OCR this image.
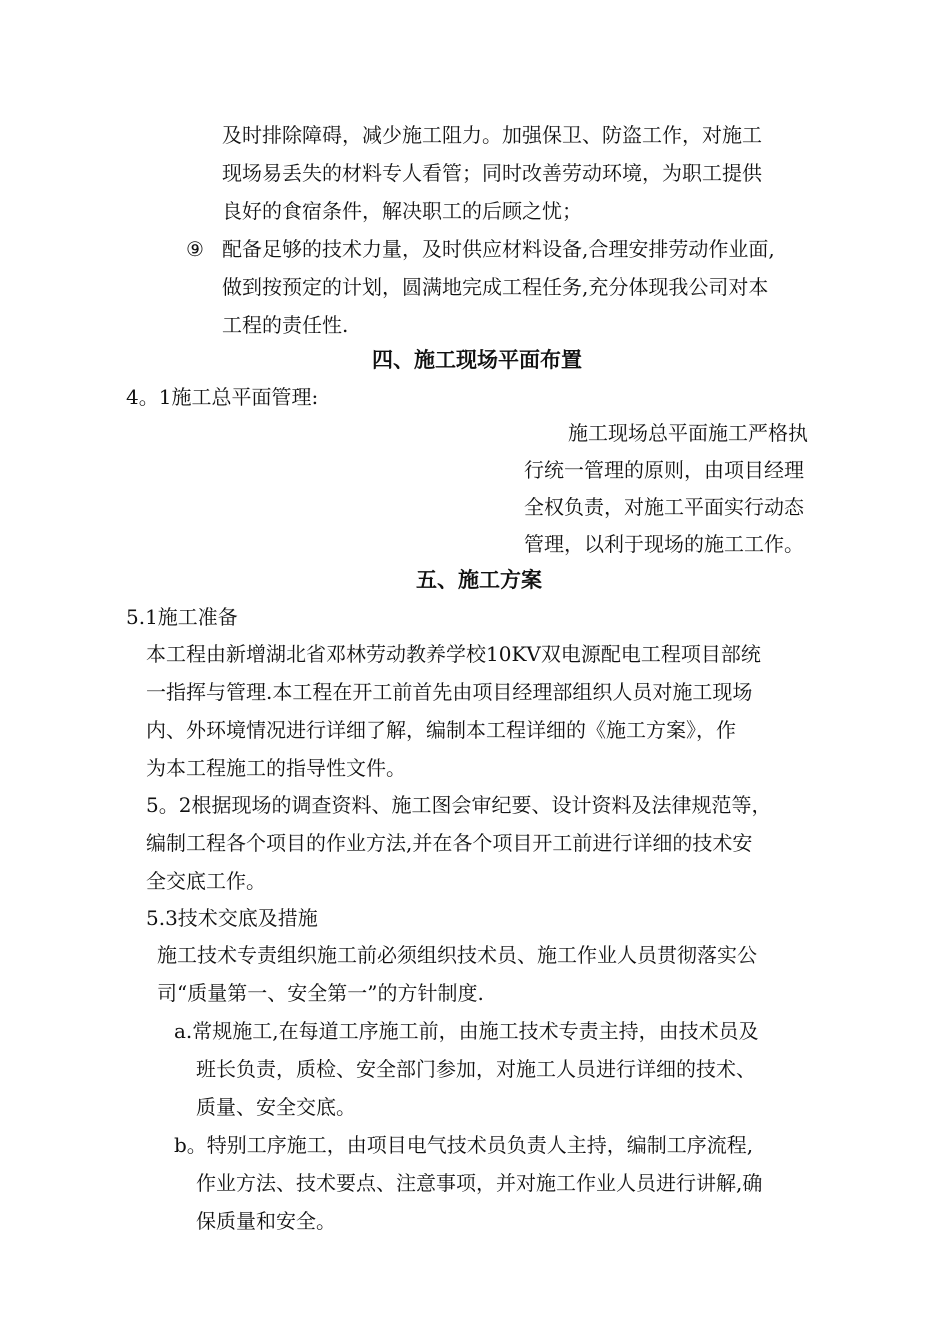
及时排除障碍，减少施工阻力。加强保卫、防盗工作，对施工
现场易丢失的材料专人看管；同时改善劳动环境，为职工提供
良好的食宿条件，解决职工的后顾之忧；
⑨ 配备足够的技术力量，及时供应材料设备,合理安排劳动作业面,
做到按预定的计划，圆满地完成工程任务,充分体现我公司对本
工程的责任性.
四、施工现场平面布置
4。1施工总平面管理:
施工现场总平面施工严格执
行统一管理的原则，由项目经理
全权负责，对施工平面实行动态
管理，以利于现场的施工工作。
五、施工方案
5.1施工准备
本工程由新增湖北省邓林劳动教养学校10KV双电源配电工程项目部统
一指挥与管理.本工程在开工前首先由项目经理部组织人员对施工现场
内、外环境情况进行详细了解，编制本工程详细的《施工方案》，作
为本工程施工的指导性文件。
5。2根据现场的调查资料、施工图会审纪要、设计资料及法律规范等，
编制工程各个项目的作业方法,并在各个项目开工前进行详细的技术安
全交底工作。
5.3技术交底及措施
施工技术专责组织施工前必须组织技术员、施工作业人员贯彻落实公
司“质量第一、安全第一”的方针制度.
a.常规施工,在每道工序施工前，由施工技术专责主持，由技术员及
班长负责，质检、安全部门参加，对施工人员进行详细的技术、
质量、安全交底。
b。特别工序施工，由项目电气技术员负责人主持，编制工序流程,
作业方法、技术要点、注意事项，并对施工作业人员进行讲解,确
保质量和安全。
